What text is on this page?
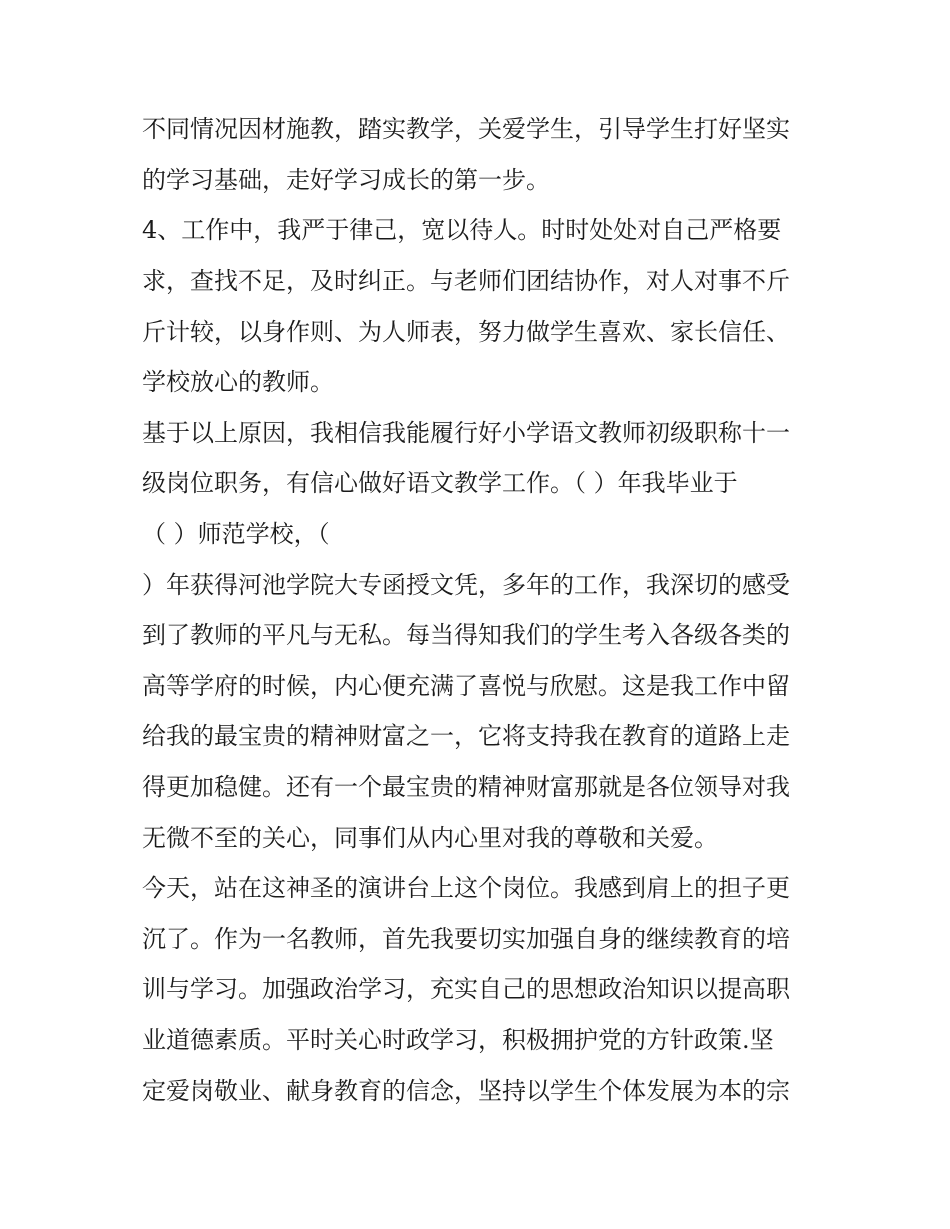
不同情况因材施教，踏实教学，关爱学生，引导学生打好坚实
的学习基础，走好学习成长的第一步。
4、工作中，我严于律己，宽以待人。时时处处对自己严格要
求，查找不足，及时纠正。与老师们团结协作，对人对事不斤
斤计较，以身作则、为人师表，努力做学生喜欢、家长信任、
学校放心的教师。
基于以上原因，我相信我能履行好小学语文教师初级职称十一
级岗位职务，有信心做好语文教学工作。（ ）年我毕业于
（ ）师范学校，（
）年获得河池学院大专函授文凭，多年的工作，我深切的感受
到了教师的平凡与无私。每当得知我们的学生考入各级各类的
高等学府的时候，内心便充满了喜悦与欣慰。这是我工作中留
给我的最宝贵的精神财富之一，它将支持我在教育的道路上走
得更加稳健。还有一个最宝贵的精神财富那就是各位领导对我
无微不至的关心，同事们从内心里对我的尊敬和关爱。
今天，站在这神圣的演讲台上这个岗位。我感到肩上的担子更
沉了。作为一名教师，首先我要切实加强自身的继续教育的培
训与学习。加强政治学习，充实自己的思想政治知识以提高职
业道德素质。平时关心时政学习，积极拥护党的方针政策.坚
定爱岗敬业、献身教育的信念，坚持以学生个体发展为本的宗
